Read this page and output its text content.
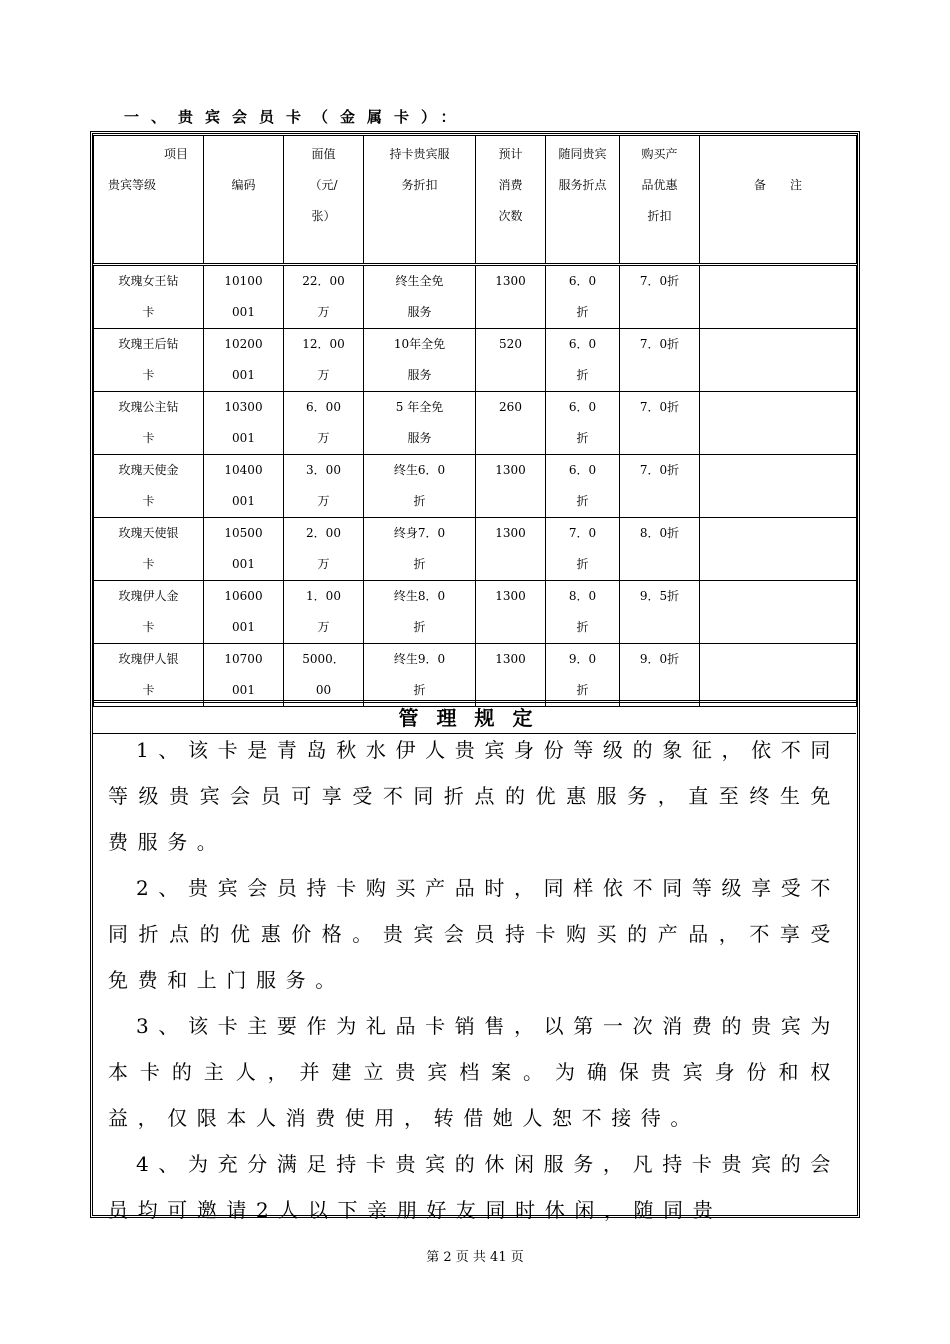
一、贵宾会员卡（金属卡）：
项目
贵宾等级	编码	面值（元/张）	持卡贵宾服务折扣	预计消费次数	随同贵宾服务折点	购买产品优惠折扣	备　　注

玫瑰女王钻卡	10100001	22．00万	终生全免服务	1300	6．0折	7．0折	

玫瑰王后钻卡	10200001	12．00万	10年全免服务	520	6．0折	7．0折	

玫瑰公主钻卡	10300001	6．00万	5 年全免服务	260	6．0折	7．0折	

玫瑰天使金卡	10400001	3．00万	终生6．0折	1300	6．0折	7．0折	

玫瑰天使银卡	10500001	2．00万	终身7．0折	1300	7．0折	8．0折	

玫瑰伊人金卡	10600001	1．00万	终生8．0折	1300	8．0折	9．5折	

玫瑰伊人银卡	10700001	5000．00	终生9．0折	1300	9．0折	9．0折	

管理规定

1、该卡是青岛秋水伊人贵宾身份等级的象征，依不同等级贵宾会员可享受不同折点的优惠服务，直至终生免费服务。

2、贵宾会员持卡购买产品时，同样依不同等级享受不同折点的优惠价格。贵宾会员持卡购买的产品，不享受免费和上门服务。

3、该卡主要作为礼品卡销售，以第一次消费的贵宾为本卡的主人，并建立贵宾档案。为确保贵宾身份和权益，仅限本人消费使用，转借她人恕不接待。

4、为充分满足持卡贵宾的休闲服务，凡持卡贵宾的会员均可邀请2人以下亲朋好友同时休闲，随同贵

第 2 页 共 41 页
